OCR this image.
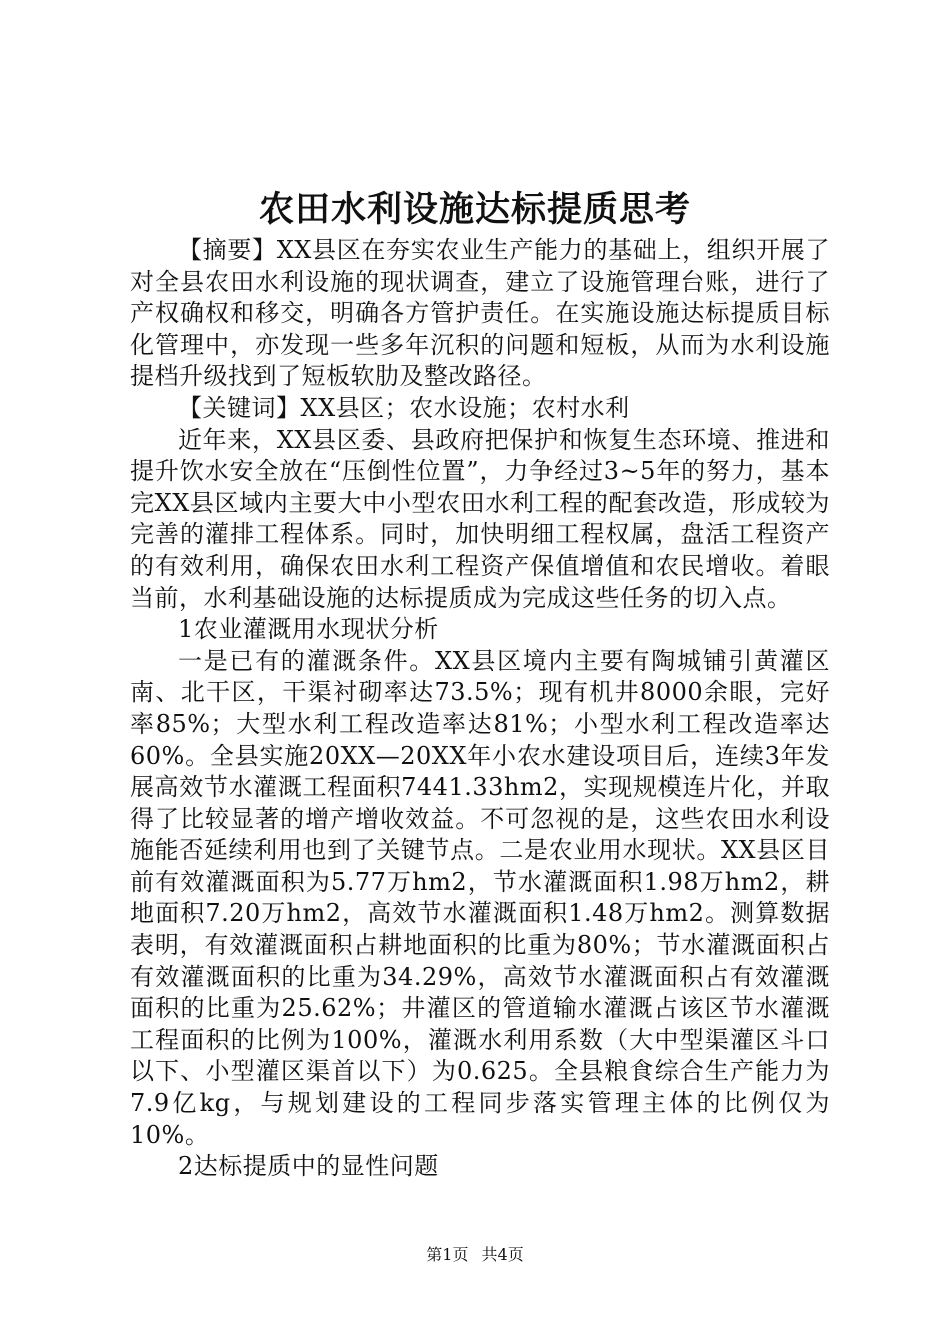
农田水利设施达标提质思考

【摘要】XX县区在夯实农业生产能力的基础上，组织开展了对全县农田水利设施的现状调查，建立了设施管理台账，进行了产权确权和移交，明确各方管护责任。在实施设施达标提质目标化管理中，亦发现一些多年沉积的问题和短板，从而为水利设施提档升级找到了短板软肋及整改路径。

【关键词】XX县区；农水设施；农村水利

近年来，XX县区委、县政府把保护和恢复生态环境、推进和提升饮水安全放在“压倒性位置”，力争经过3~5年的努力，基本完XX县区域内主要大中小型农田水利工程的配套改造，形成较为完善的灌排工程体系。同时，加快明细工程权属，盘活工程资产的有效利用，确保农田水利工程资产保值增值和农民增收。着眼当前，水利基础设施的达标提质成为完成这些任务的切入点。

1农业灌溉用水现状分析

一是已有的灌溉条件。XX县区境内主要有陶城铺引黄灌区南、北干区，干渠衬砌率达73.5%；现有机井8000余眼，完好率85%；大型水利工程改造率达81%；小型水利工程改造率达60%。全县实施20XX—20XX年小农水建设项目后，连续3年发展高效节水灌溉工程面积7441.33hm2，实现规模连片化，并取得了比较显著的增产增收效益。不可忽视的是，这些农田水利设施能否延续利用也到了关键节点。二是农业用水现状。XX县区目前有效灌溉面积为5.77万hm2，节水灌溉面积1.98万hm2，耕地面积7.20万hm2，高效节水灌溉面积1.48万hm2。测算数据表明，有效灌溉面积占耕地面积的比重为80%；节水灌溉面积占有效灌溉面积的比重为34.29%，高效节水灌溉面积占有效灌溉面积的比重为25.62%；井灌区的管道输水灌溉占该区节水灌溉工程面积的比例为100%，灌溉水利用系数（大中型渠灌区斗口以下、小型灌区渠首以下）为0.625。全县粮食综合生产能力为7.9亿kg，与规划建设的工程同步落实管理主体的比例仅为10%。

2达标提质中的显性问题

第1页 共4页
